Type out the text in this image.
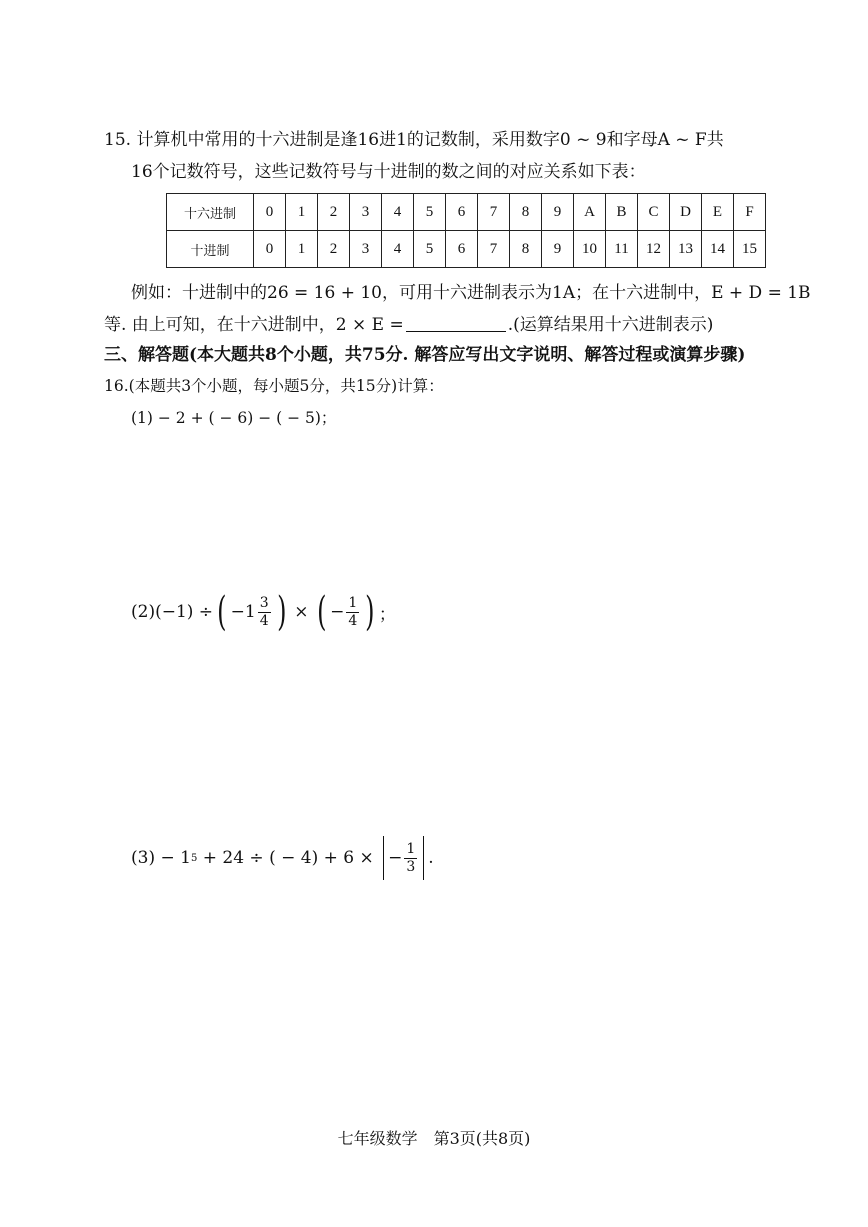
15. 计算机中常用的十六进制是逢16进1的记数制，采用数字0 ~ 9和字母A ~ F共
16个记数符号，这些记数符号与十进制的数之间的对应关系如下表：
十六进制	0	1	2	3	4	5	6	7	8	9	A	B	C	D	E	F
十进制	0	1	2	3	4	5	6	7	8	9	10	11	12	13	14	15
例如：十进制中的26 = 16 + 10，可用十六进制表示为1A；在十六进制中，E + D = 1B
等. 由上可知，在十六进制中，2 × E =	.(运算结果用十六进制表示)
三、解答题(本大题共8个小题，共75分. 解答应写出文字说明、解答过程或演算步骤)
16.(本题共3个小题，每小题5分，共15分)计算：
(1) − 2 + ( − 6) − ( − 5)；
(2)(−1) ÷ ( $-1 \frac{3}{4}$ ) × ( − $\frac{1}{4}$ ) ；
(3) − 1 5 + 24 ÷ ( − 4) + 6 × − $\frac{1}{3}$ .
七年级数学　第3页(共8页)
